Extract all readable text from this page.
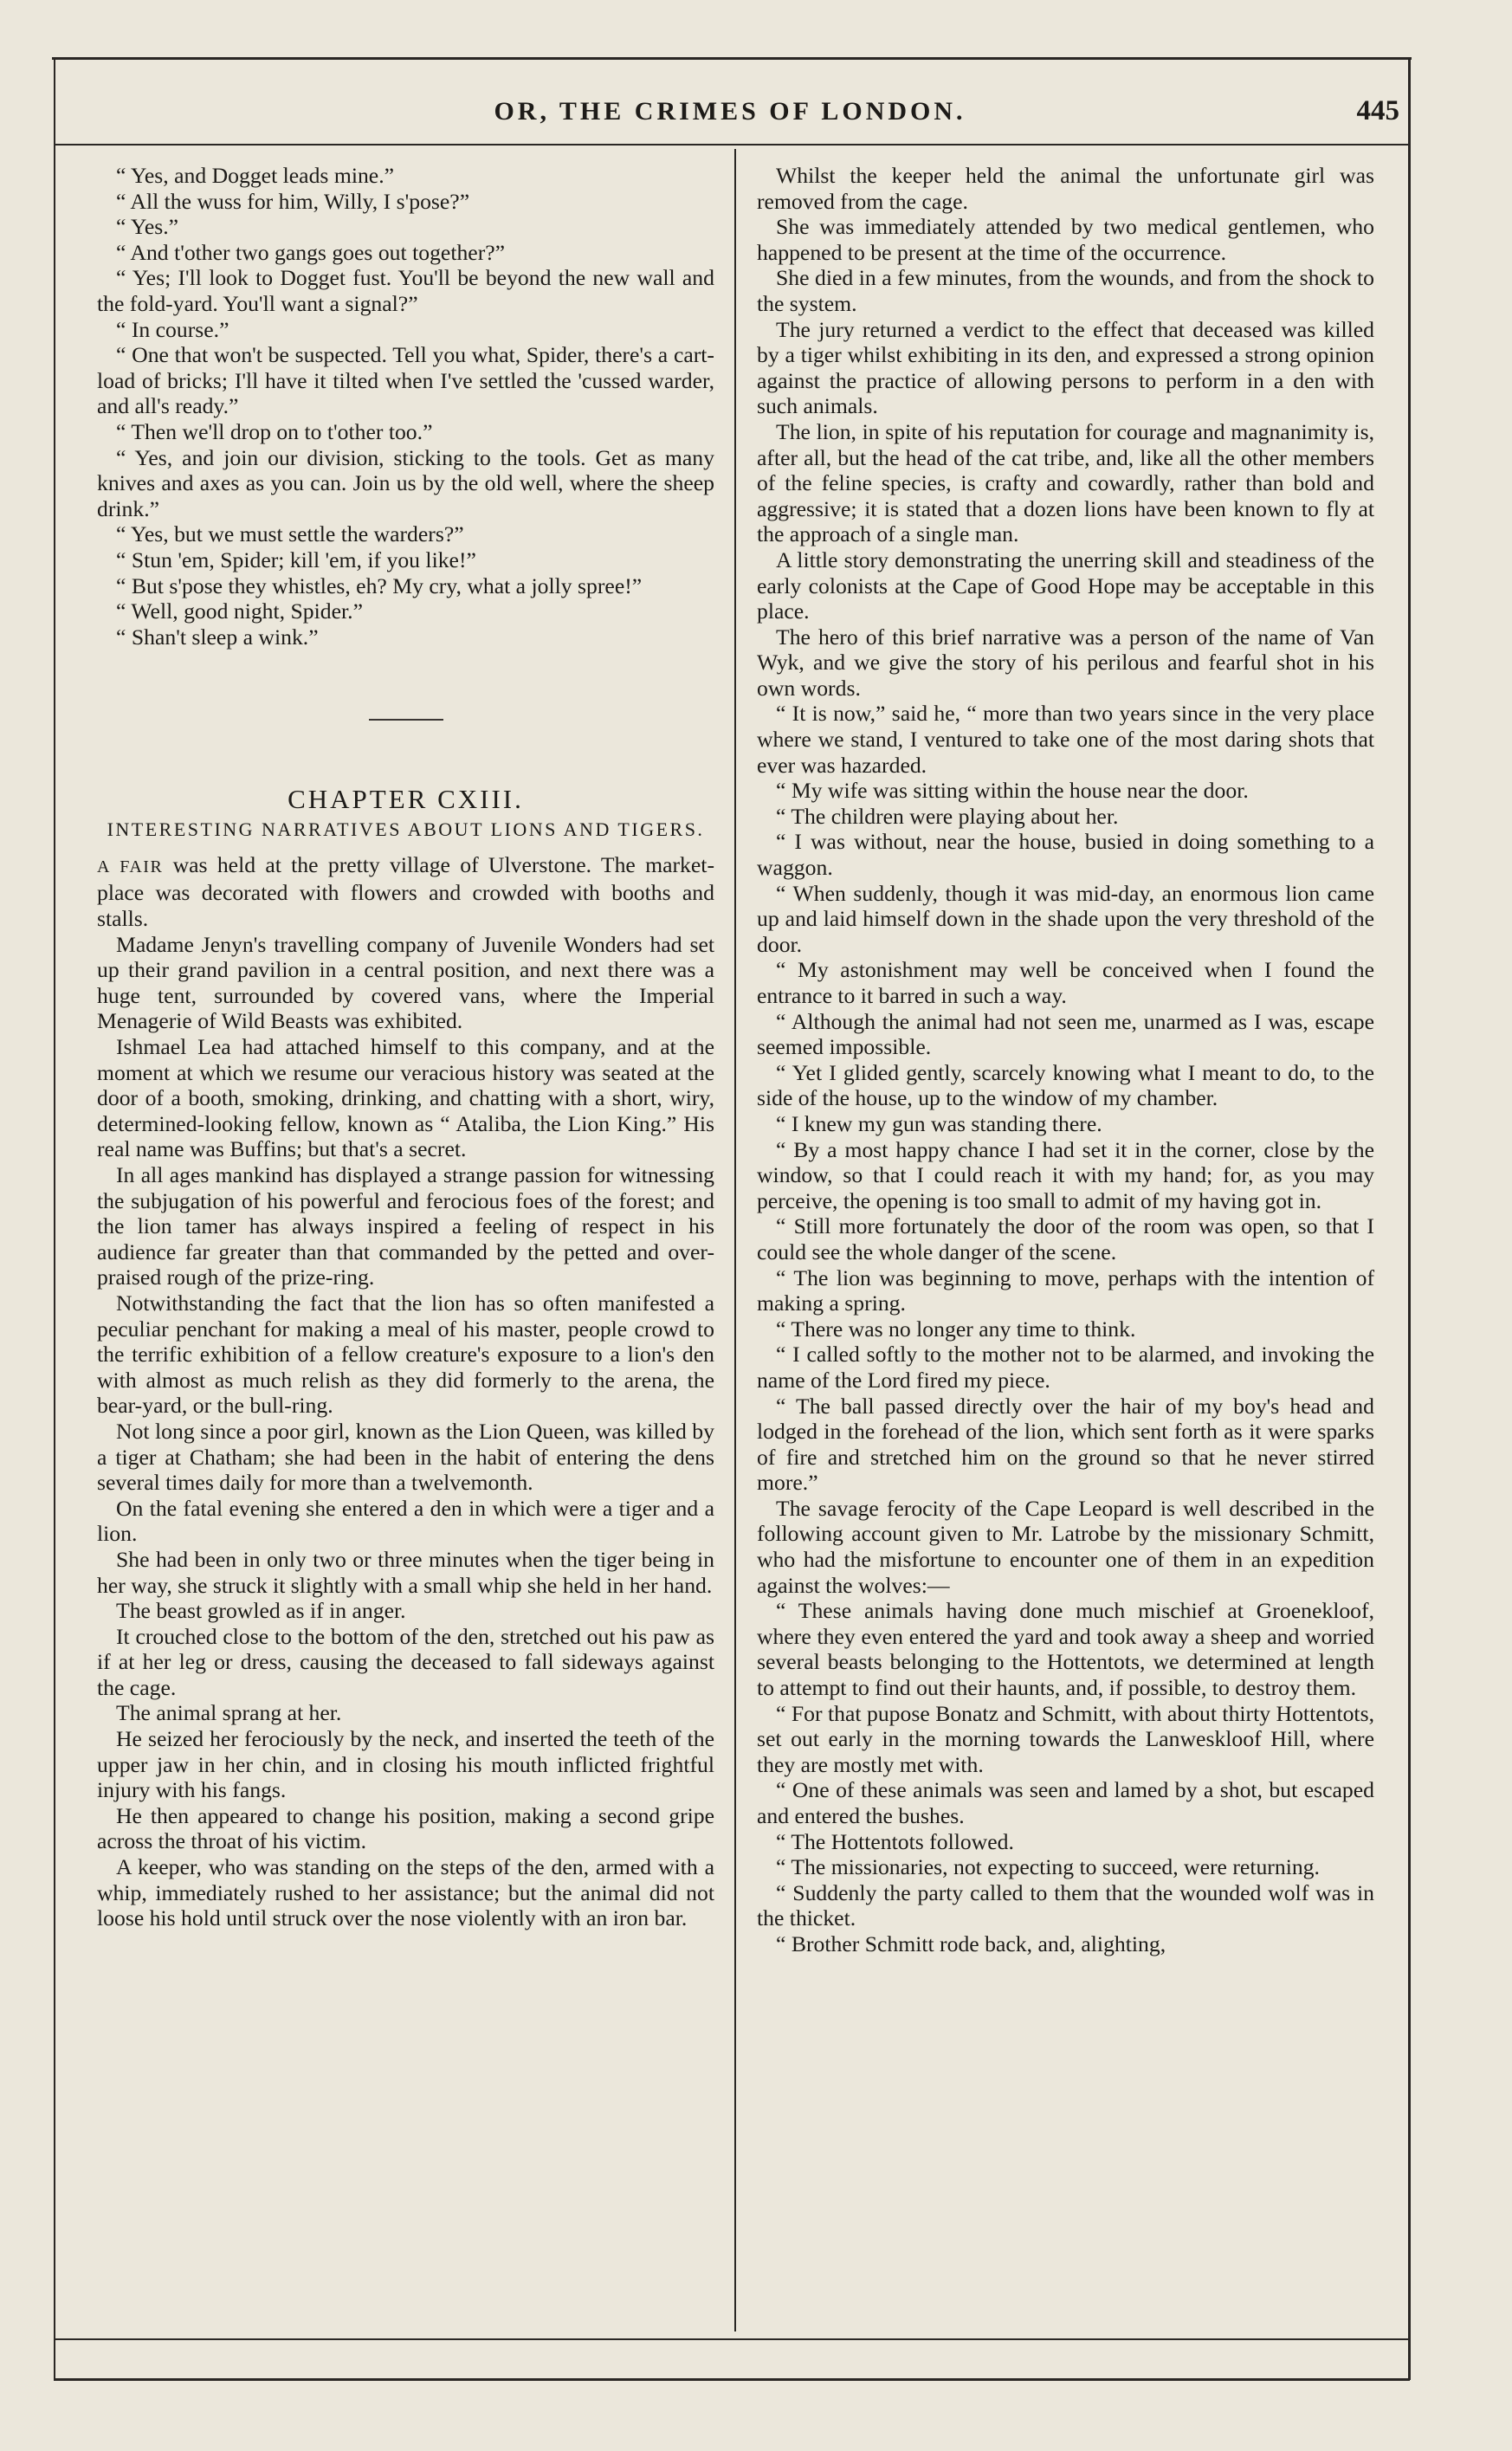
OR, THE CRIMES OF LONDON.	445

“ Yes, and Dogget leads mine.”

“ All the wuss for him, Willy, I s'pose?”

“ Yes.”

“ And t'other two gangs goes out together?”

“ Yes; I'll look to Dogget fust. You'll be beyond the new wall and the fold-yard. You'll want a signal?”

“ In course.”

“ One that won't be suspected. Tell you what, Spider, there's a cart-load of bricks; I'll have it tilted when I've settled the 'cussed warder, and all's ready.”

“ Then we'll drop on to t'other too.”

“ Yes, and join our division, sticking to the tools. Get as many knives and axes as you can. Join us by the old well, where the sheep drink.”

“ Yes, but we must settle the warders?”

“ Stun 'em, Spider; kill 'em, if you like!”

“ But s'pose they whistles, eh? My cry, what a jolly spree!”

“ Well, good night, Spider.”

“ Shan't sleep a wink.”

CHAPTER CXIII.

INTERESTING NARRATIVES ABOUT LIONS AND TIGERS.

A FAIR was held at the pretty village of Ulverstone. The market-place was decorated with flowers and crowded with booths and stalls.

Madame Jenyn's travelling company of Juvenile Wonders had set up their grand pavilion in a central position, and next there was a huge tent, surrounded by covered vans, where the Imperial Menagerie of Wild Beasts was exhibited.

Ishmael Lea had attached himself to this company, and at the moment at which we resume our veracious history was seated at the door of a booth, smoking, drinking, and chatting with a short, wiry, determined-looking fellow, known as “ Ataliba, the Lion King.” His real name was Buffins; but that's a secret.

In all ages mankind has displayed a strange passion for witnessing the subjugation of his powerful and ferocious foes of the forest; and the lion tamer has always inspired a feeling of respect in his audience far greater than that commanded by the petted and over-praised rough of the prize-ring.

Notwithstanding the fact that the lion has so often manifested a peculiar penchant for making a meal of his master, people crowd to the terrific exhibition of a fellow creature's exposure to a lion's den with almost as much relish as they did formerly to the arena, the bear-yard, or the bull-ring.

Not long since a poor girl, known as the Lion Queen, was killed by a tiger at Chatham; she had been in the habit of entering the dens several times daily for more than a twelvemonth.

On the fatal evening she entered a den in which were a tiger and a lion.

She had been in only two or three minutes when the tiger being in her way, she struck it slightly with a small whip she held in her hand.

The beast growled as if in anger.

It crouched close to the bottom of the den, stretched out his paw as if at her leg or dress, causing the deceased to fall sideways against the cage.

The animal sprang at her.

He seized her ferociously by the neck, and inserted the teeth of the upper jaw in her chin, and in closing his mouth inflicted frightful injury with his fangs.

He then appeared to change his position, making a second gripe across the throat of his victim.

A keeper, who was standing on the steps of the den, armed with a whip, immediately rushed to her assistance; but the animal did not loose his hold until struck over the nose violently with an iron bar.

Whilst the keeper held the animal the unfortunate girl was removed from the cage.

She was immediately attended by two medical gentlemen, who happened to be present at the time of the occurrence.

She died in a few minutes, from the wounds, and from the shock to the system.

The jury returned a verdict to the effect that deceased was killed by a tiger whilst exhibiting in its den, and expressed a strong opinion against the practice of allowing persons to perform in a den with such animals.

The lion, in spite of his reputation for courage and magnanimity is, after all, but the head of the cat tribe, and, like all the other members of the feline species, is crafty and cowardly, rather than bold and aggressive; it is stated that a dozen lions have been known to fly at the approach of a single man.

A little story demonstrating the unerring skill and steadiness of the early colonists at the Cape of Good Hope may be acceptable in this place.

The hero of this brief narrative was a person of the name of Van Wyk, and we give the story of his perilous and fearful shot in his own words.

“ It is now,” said he, “ more than two years since in the very place where we stand, I ventured to take one of the most daring shots that ever was hazarded.

“ My wife was sitting within the house near the door.

“ The children were playing about her.

“ I was without, near the house, busied in doing something to a waggon.

“ When suddenly, though it was mid-day, an enormous lion came up and laid himself down in the shade upon the very threshold of the door.

“ My astonishment may well be conceived when I found the entrance to it barred in such a way.

“ Although the animal had not seen me, unarmed as I was, escape seemed impossible.

“ Yet I glided gently, scarcely knowing what I meant to do, to the side of the house, up to the window of my chamber.

“ I knew my gun was standing there.

“ By a most happy chance I had set it in the corner, close by the window, so that I could reach it with my hand; for, as you may perceive, the opening is too small to admit of my having got in.

“ Still more fortunately the door of the room was open, so that I could see the whole danger of the scene.

“ The lion was beginning to move, perhaps with the intention of making a spring.

“ There was no longer any time to think.

“ I called softly to the mother not to be alarmed, and invoking the name of the Lord fired my piece.

“ The ball passed directly over the hair of my boy's head and lodged in the forehead of the lion, which sent forth as it were sparks of fire and stretched him on the ground so that he never stirred more.”

The savage ferocity of the Cape Leopard is well described in the following account given to Mr. Latrobe by the missionary Schmitt, who had the misfortune to encounter one of them in an expedition against the wolves:—

“ These animals having done much mischief at Groenekloof, where they even entered the yard and took away a sheep and worried several beasts belonging to the Hottentots, we determined at length to attempt to find out their haunts, and, if possible, to destroy them.

“ For that pupose Bonatz and Schmitt, with about thirty Hottentots, set out early in the morning towards the Lanweskloof Hill, where they are mostly met with.

“ One of these animals was seen and lamed by a shot, but escaped and entered the bushes.

“ The Hottentots followed.

“ The missionaries, not expecting to succeed, were returning.

“ Suddenly the party called to them that the wounded wolf was in the thicket.

“ Brother Schmitt rode back, and, alighting,
